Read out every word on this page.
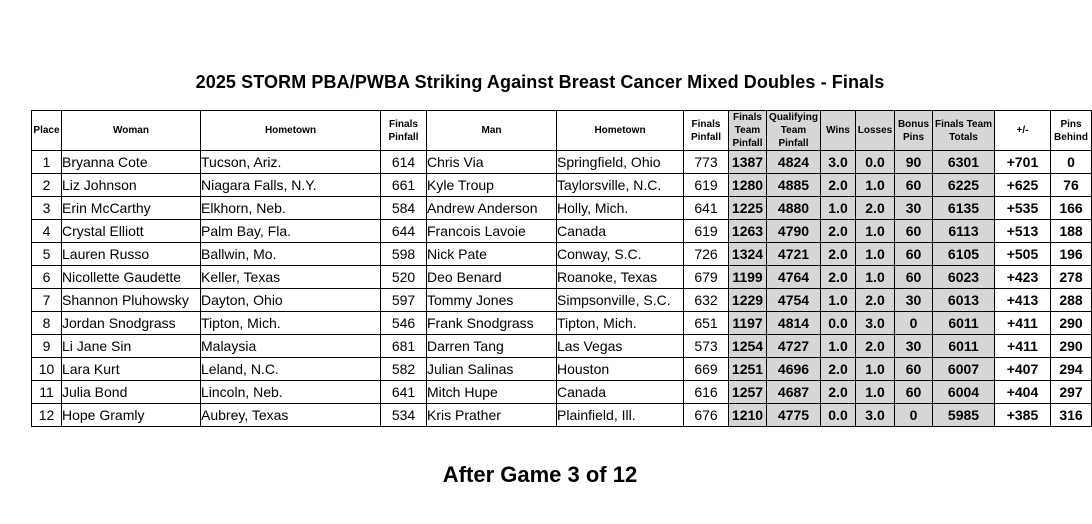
2025 STORM PBA/PWBA Striking Against Breast Cancer Mixed Doubles - Finals
Place	Woman	Hometown	Finals Pinfall	Man	Hometown	Finals Pinfall	Finals Team Pinfall	Qualifying Team Pinfall	Wins	Losses	Bonus Pins	Finals Team Totals	+/-	Pins Behind
1	Bryanna Cote	Tucson, Ariz.	614	Chris Via	Springfield, Ohio	773	1387	4824	3.0	0.0	90	6301	+701	0
2	Liz Johnson	Niagara Falls, N.Y.	661	Kyle Troup	Taylorsville, N.C.	619	1280	4885	2.0	1.0	60	6225	+625	76
3	Erin McCarthy	Elkhorn, Neb.	584	Andrew Anderson	Holly, Mich.	641	1225	4880	1.0	2.0	30	6135	+535	166
4	Crystal Elliott	Palm Bay, Fla.	644	Francois Lavoie	Canada	619	1263	4790	2.0	1.0	60	6113	+513	188
5	Lauren Russo	Ballwin, Mo.	598	Nick Pate	Conway, S.C.	726	1324	4721	2.0	1.0	60	6105	+505	196
6	Nicollette Gaudette	Keller, Texas	520	Deo Benard	Roanoke, Texas	679	1199	4764	2.0	1.0	60	6023	+423	278
7	Shannon Pluhowsky	Dayton, Ohio	597	Tommy Jones	Simpsonville, S.C.	632	1229	4754	1.0	2.0	30	6013	+413	288
8	Jordan Snodgrass	Tipton, Mich.	546	Frank Snodgrass	Tipton, Mich.	651	1197	4814	0.0	3.0	0	6011	+411	290
9	Li Jane Sin	Malaysia	681	Darren Tang	Las Vegas	573	1254	4727	1.0	2.0	30	6011	+411	290
10	Lara Kurt	Leland, N.C.	582	Julian Salinas	Houston	669	1251	4696	2.0	1.0	60	6007	+407	294
11	Julia Bond	Lincoln, Neb.	641	Mitch Hupe	Canada	616	1257	4687	2.0	1.0	60	6004	+404	297
12	Hope Gramly	Aubrey, Texas	534	Kris Prather	Plainfield, Ill.	676	1210	4775	0.0	3.0	0	5985	+385	316
After Game 3 of 12
